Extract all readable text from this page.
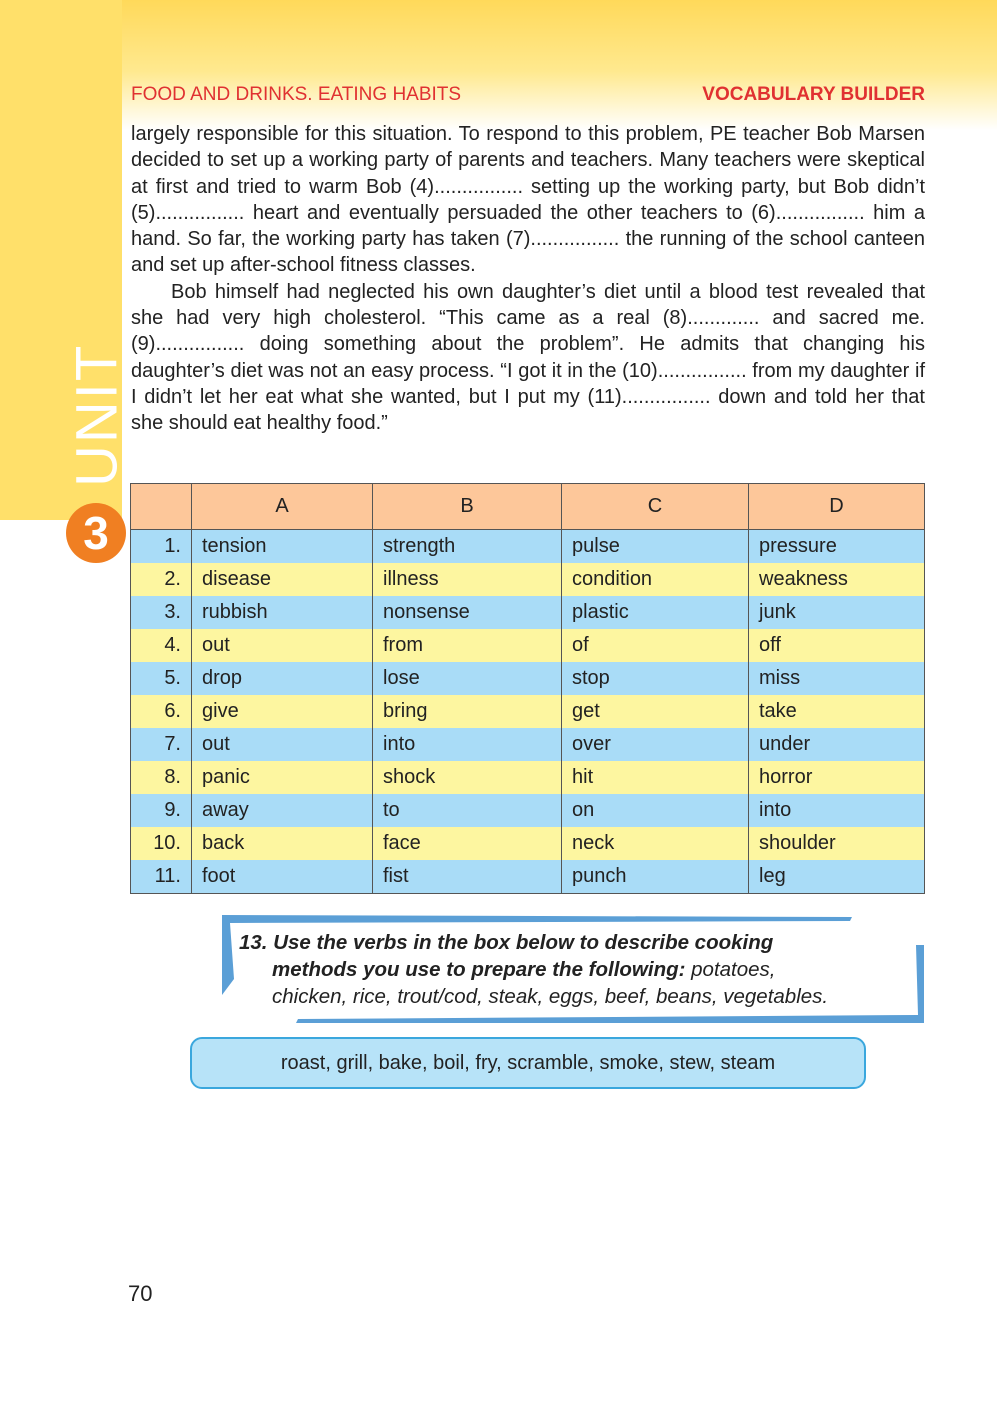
UNIT
3
FOOD AND DRINKS. EATING HABITS	VOCABULARY BUILDER

largely responsible for this situation. To respond to this problem, PE teacher Bob Marsen decided to set up a working party of parents and teachers. Many teachers were skeptical at first and tried to warm Bob (4)................ setting up the working party, but Bob didn’t (5)................ heart and eventually persuaded the other teachers to (6)................ him a hand. So far, the working party has taken (7)................ the running of the school canteen and set up after-school fitness classes.

Bob himself had neglected his own daughter’s diet until a blood test revealed that she had very high cholesterol. “This came as a real (8)............. and sacred me. (9)................ doing something about the problem”. He admits that changing his daughter’s diet was not an easy process. “I got it in the (10)................ from my daughter if I didn’t let her eat what she wanted, but I put my (11)................ down and told her that she should eat healthy food.”

	A	B	C	D
1.	tension	strength	pulse	pressure
2.	disease	illness	condition	weakness
3.	rubbish	nonsense	plastic	junk
4.	out	from	of	off
5.	drop	lose	stop	miss
6.	give	bring	get	take
7.	out	into	over	under
8.	panic	shock	hit	horror
9.	away	to	on	into
10.	back	face	neck	shoulder
11.	foot	fist	punch	leg
13. Use the verbs in the box below to describe cooking
methods you use to prepare the following: potatoes,
chicken, rice, trout/cod, steak, eggs, beef, beans, vegetables.
roast, grill, bake, boil, fry, scramble, smoke, stew, steam
70
